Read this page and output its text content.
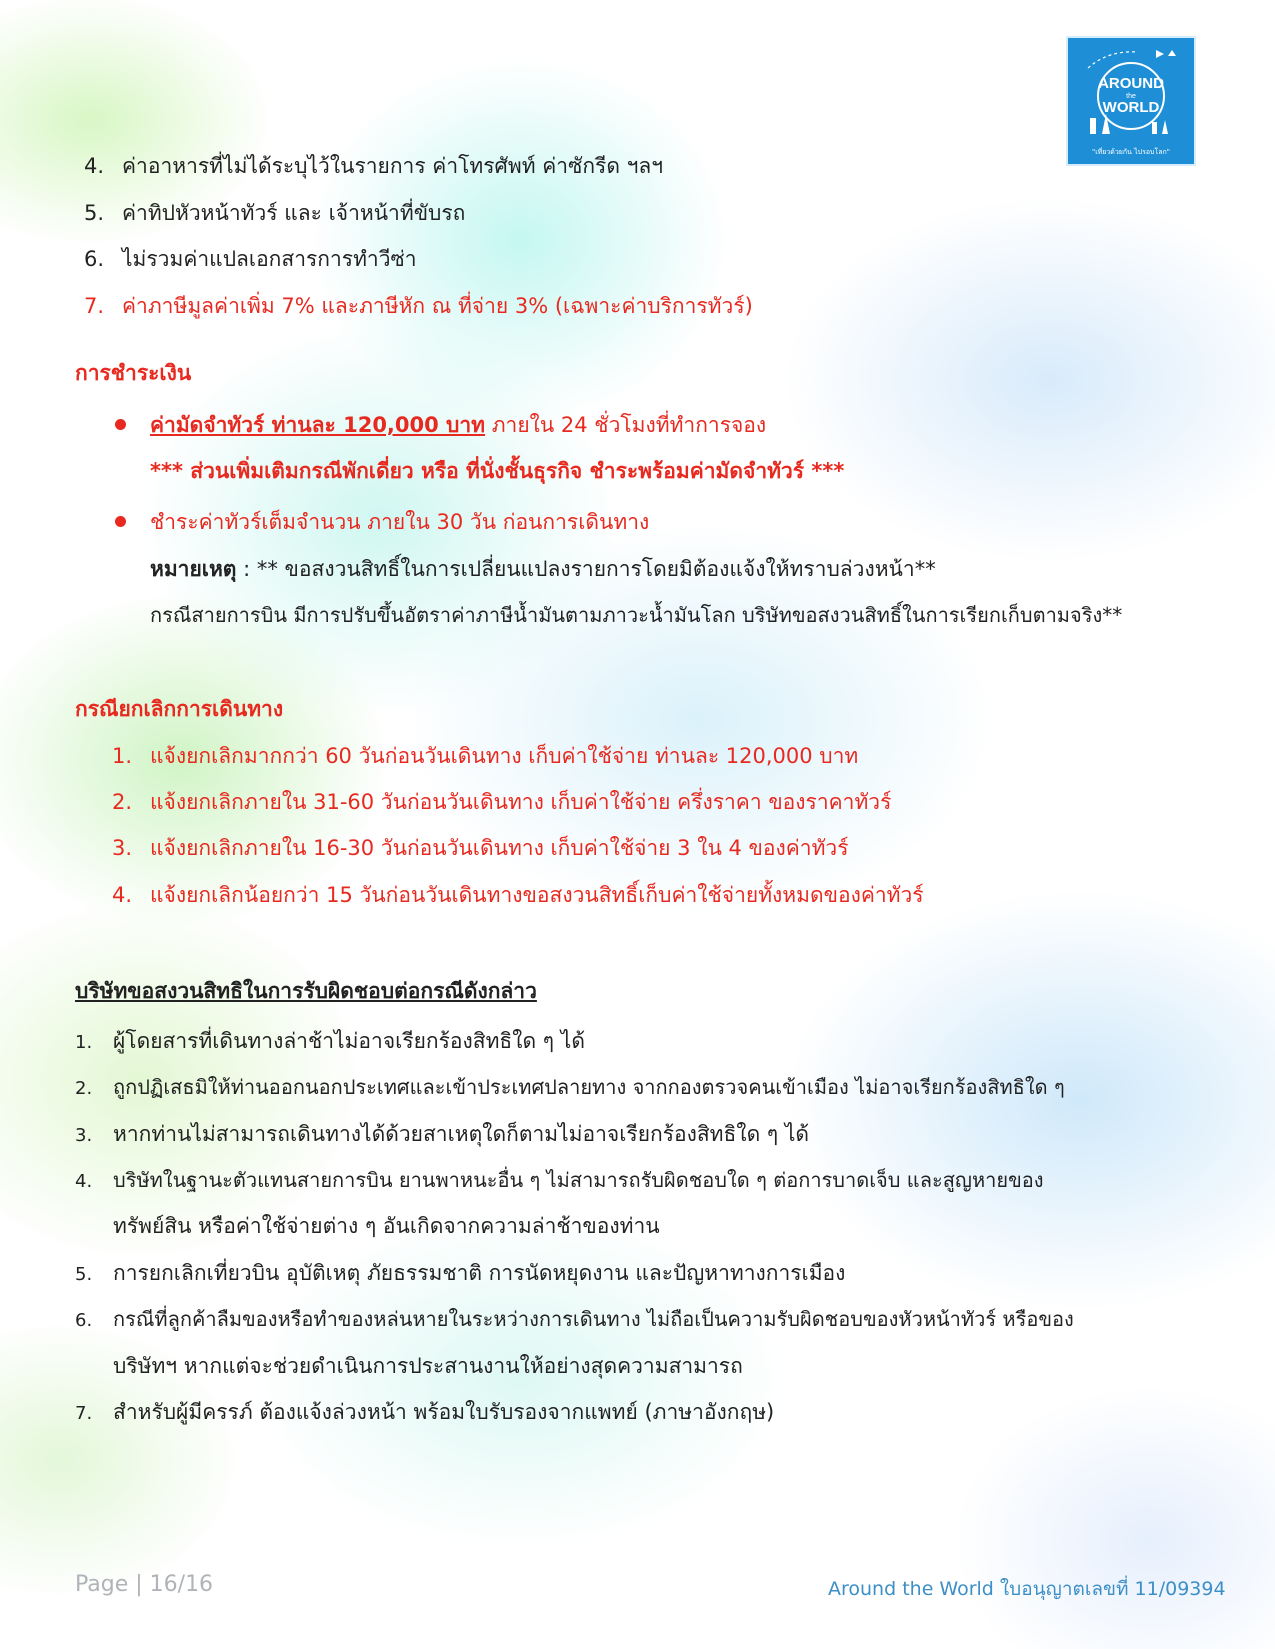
AROUND
the
WORLD
"เที่ยวด้วยกัน ไปรอบโลก"
4. ค่าอาหารที่ไม่ได้ระบุไว้ในรายการ ค่าโทรศัพท์ ค่าซักรีด ฯลฯ
5. ค่าทิปหัวหน้าทัวร์ และ เจ้าหน้าที่ขับรถ
6. ไม่รวมค่าแปลเอกสารการทำวีซ่า
7. ค่าภาษีมูลค่าเพิ่ม 7% และภาษีหัก ณ ที่จ่าย 3% (เฉพาะค่าบริการทัวร์)
การชำระเงิน
ค่ามัดจำทัวร์ ท่านละ 120,000 บาท ภายใน 24 ชั่วโมงที่ทำการจอง
*** ส่วนเพิ่มเติมกรณีพักเดี่ยว หรือ ที่นั่งชั้นธุรกิจ ชำระพร้อมค่ามัดจำทัวร์ ***
ชำระค่าทัวร์เต็มจำนวน ภายใน 30 วัน ก่อนการเดินทาง
หมายเหตุ : ** ขอสงวนสิทธิ์ในการเปลี่ยนแปลงรายการโดยมิต้องแจ้งให้ทราบล่วงหน้า**
กรณีสายการบิน มีการปรับขึ้นอัตราค่าภาษีน้ำมันตามภาวะน้ำมันโลก บริษัทขอสงวนสิทธิ์ในการเรียกเก็บตามจริง**
กรณียกเลิกการเดินทาง
1. แจ้งยกเลิกมากกว่า 60 วันก่อนวันเดินทาง เก็บค่าใช้จ่าย ท่านละ 120,000 บาท
2. แจ้งยกเลิกภายใน 31-60 วันก่อนวันเดินทาง เก็บค่าใช้จ่าย ครึ่งราคา ของราคาทัวร์
3. แจ้งยกเลิกภายใน 16-30 วันก่อนวันเดินทาง เก็บค่าใช้จ่าย 3 ใน 4 ของค่าทัวร์
4. แจ้งยกเลิกน้อยกว่า 15 วันก่อนวันเดินทางขอสงวนสิทธิ์เก็บค่าใช้จ่ายทั้งหมดของค่าทัวร์
บริษัทขอสงวนสิทธิในการรับผิดชอบต่อกรณีดังกล่าว
1. ผู้โดยสารที่เดินทางล่าช้าไม่อาจเรียกร้องสิทธิใด ๆ ได้
2. ถูกปฏิเสธมิให้ท่านออกนอกประเทศและเข้าประเทศปลายทาง จากกองตรวจคนเข้าเมือง ไม่อาจเรียกร้องสิทธิใด ๆ
3. หากท่านไม่สามารถเดินทางได้ด้วยสาเหตุใดก็ตามไม่อาจเรียกร้องสิทธิใด ๆ ได้
4. บริษัทในฐานะตัวแทนสายการบิน ยานพาหนะอื่น ๆ ไม่สามารถรับผิดชอบใด ๆ ต่อการบาดเจ็บ และสูญหายของ
ทรัพย์สิน หรือค่าใช้จ่ายต่าง ๆ อันเกิดจากความล่าช้าของท่าน
5. การยกเลิกเที่ยวบิน อุบัติเหตุ ภัยธรรมชาติ การนัดหยุดงาน และปัญหาทางการเมือง
6. กรณีที่ลูกค้าลืมของหรือทำของหล่นหายในระหว่างการเดินทาง ไม่ถือเป็นความรับผิดชอบของหัวหน้าทัวร์ หรือของ
บริษัทฯ หากแต่จะช่วยดำเนินการประสานงานให้อย่างสุดความสามารถ
7. สำหรับผู้มีครรภ์ ต้องแจ้งล่วงหน้า พร้อมใบรับรองจากแพทย์ (ภาษาอังกฤษ)
Page | 16/16	Around the World ใบอนุญาตเลขที่ 11/09394
